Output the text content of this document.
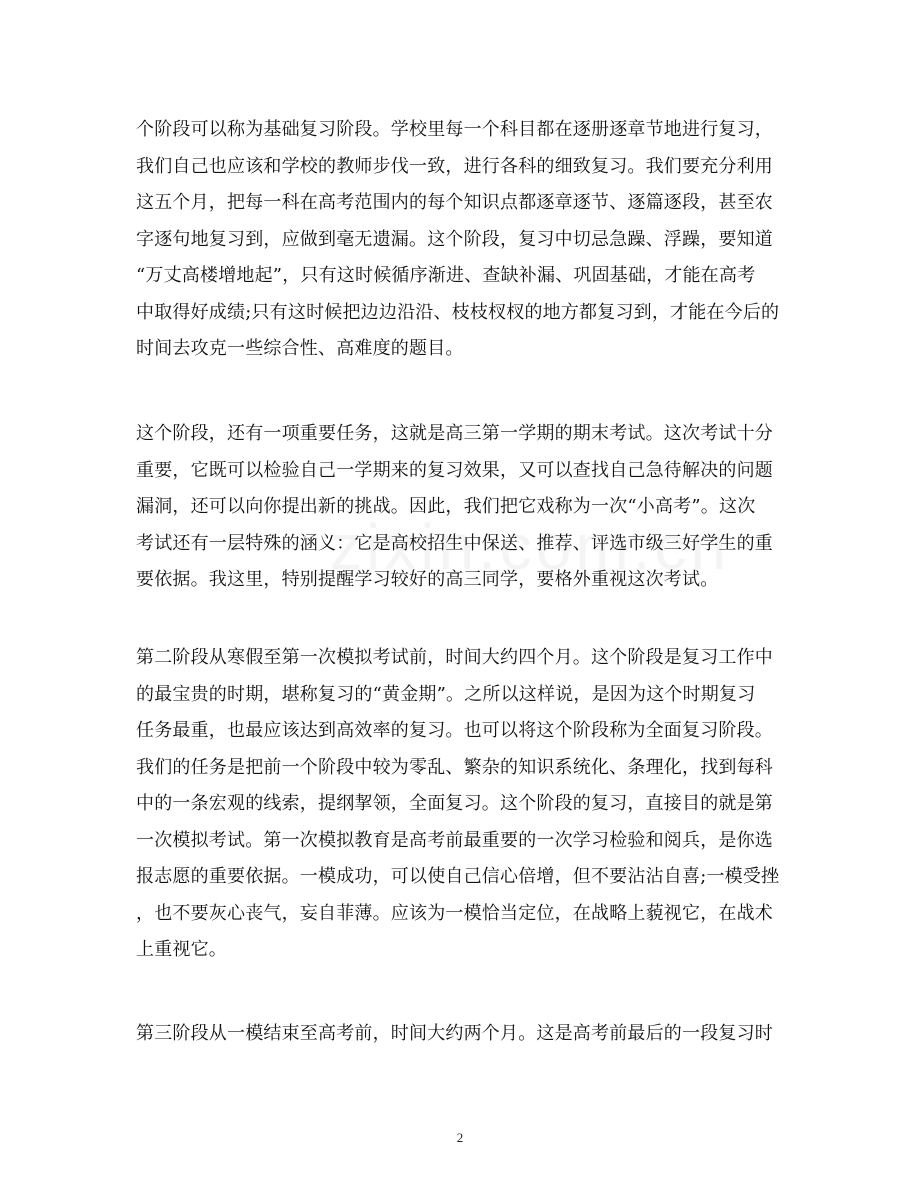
个阶段可以称为基础复习阶段。学校里每一个科目都在逐册逐章节地进行复习，
我们自己也应该和学校的教师步伐一致，进行各科的细致复习。我们要充分利用
这五个月，把每一科在高考范围内的每个知识点都逐章逐节、逐篇逐段，甚至农
字逐句地复习到，应做到毫无遗漏。这个阶段，复习中切忌急躁、浮躁，要知道
“万丈高楼增地起”，只有这时候循序渐进、查缺补漏、巩固基础，才能在高考
中取得好成绩;只有这时候把边边沿沿、枝枝杈杈的地方都复习到，才能在今后的
时间去攻克一些综合性、高难度的题目。
这个阶段，还有一项重要任务，这就是高三第一学期的期末考试。这次考试十分
重要，它既可以检验自己一学期来的复习效果，又可以查找自己急待解决的问题
漏洞，还可以向你提出新的挑战。因此，我们把它戏称为一次“小高考”。这次
考试还有一层特殊的涵义：它是高校招生中保送、推荐、评选市级三好学生的重
要依据。我这里，特别提醒学习较好的高三同学，要格外重视这次考试。
第二阶段从寒假至第一次模拟考试前，时间大约四个月。这个阶段是复习工作中
的最宝贵的时期，堪称复习的“黄金期”。之所以这样说，是因为这个时期复习
任务最重，也最应该达到高效率的复习。也可以将这个阶段称为全面复习阶段。
我们的任务是把前一个阶段中较为零乱、繁杂的知识系统化、条理化，找到每科
中的一条宏观的线索，提纲挈领，全面复习。这个阶段的复习，直接目的就是第
一次模拟考试。第一次模拟教育是高考前最重要的一次学习检验和阅兵，是你选
报志愿的重要依据。一模成功，可以使自己信心倍增，但不要沾沾自喜;一模受挫
，也不要灰心丧气，妄自菲薄。应该为一模恰当定位，在战略上藐视它，在战术
上重视它。
第三阶段从一模结束至高考前，时间大约两个月。这是高考前最后的一段复习时
2
